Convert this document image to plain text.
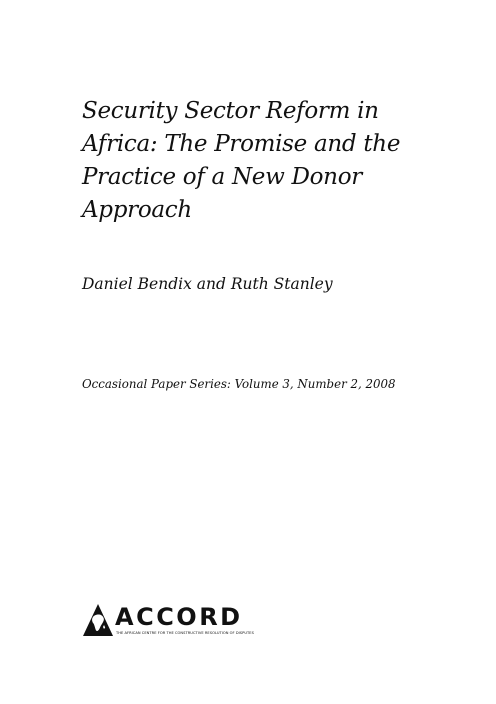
Security Sector Reform in
Africa: The Promise and the
Practice of a New Donor
Approach

Daniel Bendix and Ruth Stanley

Occasional Paper Series: Volume 3, Number 2, 2008

ACCORD
THE AFRICAN CENTRE FOR THE CONSTRUCTIVE RESOLUTION OF DISPUTES
